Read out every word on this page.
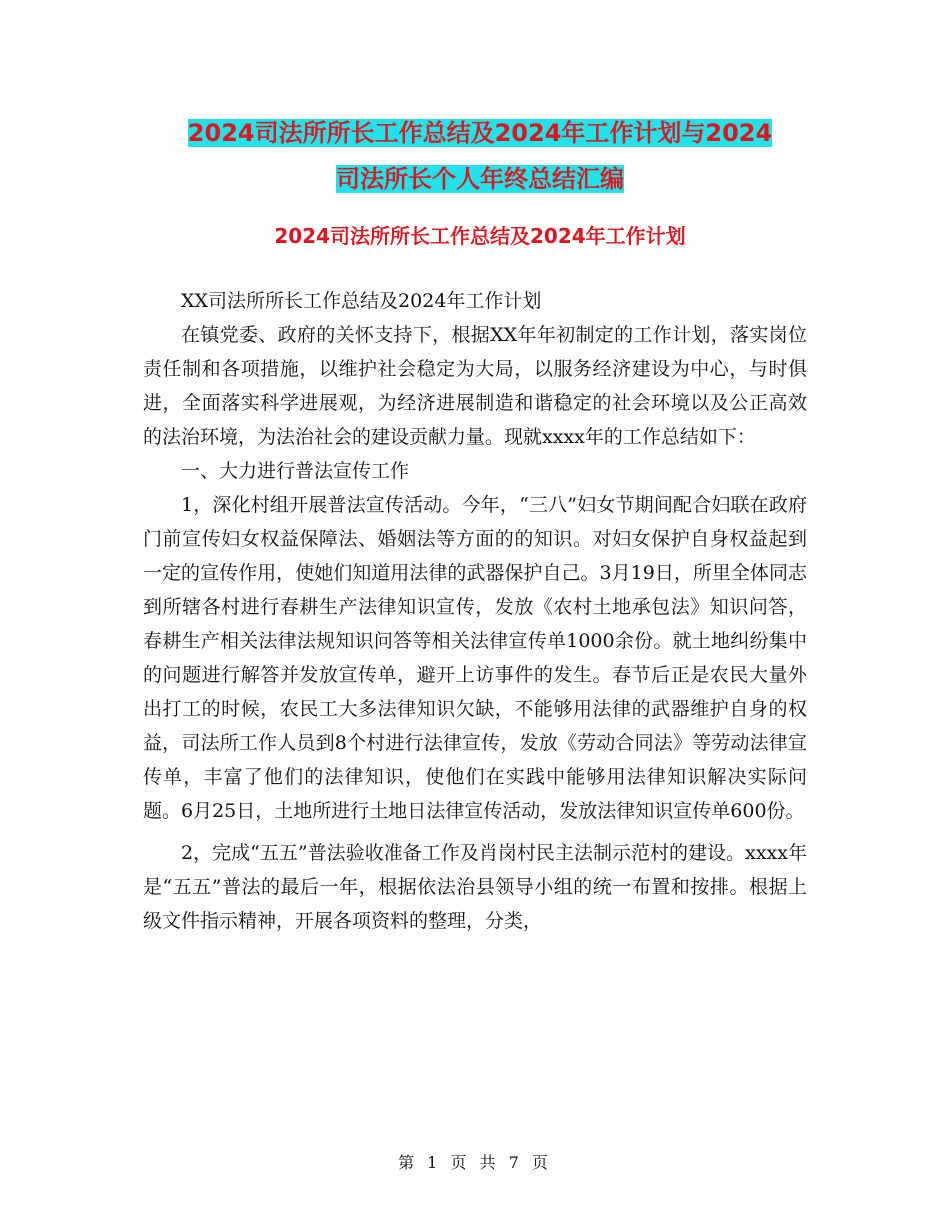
2024司法所所长工作总结及2024年工作计划与2024
司法所长个人年终总结汇编
2024司法所所长工作总结及2024年工作计划

XX司法所所长工作总结及2024年工作计划

在镇党委、政府的关怀支持下，根据XX年年初制定的工作计划，落实岗位责任制和各项措施，以维护社会稳定为大局，以服务经济建设为中心，与时俱进，全面落实科学进展观，为经济进展制造和谐稳定的社会环境以及公正高效的法治环境，为法治社会的建设贡献力量。现就xxxx年的工作总结如下：

一、大力进行普法宣传工作

1，深化村组开展普法宣传活动。今年，“三八”妇女节期间配合妇联在政府门前宣传妇女权益保障法、婚姻法等方面的的知识。对妇女保护自身权益起到一定的宣传作用，使她们知道用法律的武器保护自己。3月19日，所里全体同志到所辖各村进行春耕生产法律知识宣传，发放《农村土地承包法》知识问答，春耕生产相关法律法规知识问答等相关法律宣传单1000余份。就土地纠纷集中的问题进行解答并发放宣传单，避开上访事件的发生。春节后正是农民大量外出打工的时候，农民工大多法律知识欠缺，不能够用法律的武器维护自身的权益，司法所工作人员到8个村进行法律宣传，发放《劳动合同法》等劳动法律宣传单，丰富了他们的法律知识，使他们在实践中能够用法律知识解决实际问题。6月25日，土地所进行土地日法律宣传活动，发放法律知识宣传单600份。

2，完成“五五”普法验收准备工作及肖岗村民主法制示范村的建设。xxxx年是“五五”普法的最后一年，根据依法治县领导小组的统一布置和按排。根据上级文件指示精神，开展各项资料的整理，分类，

第 1 页 共 7 页
